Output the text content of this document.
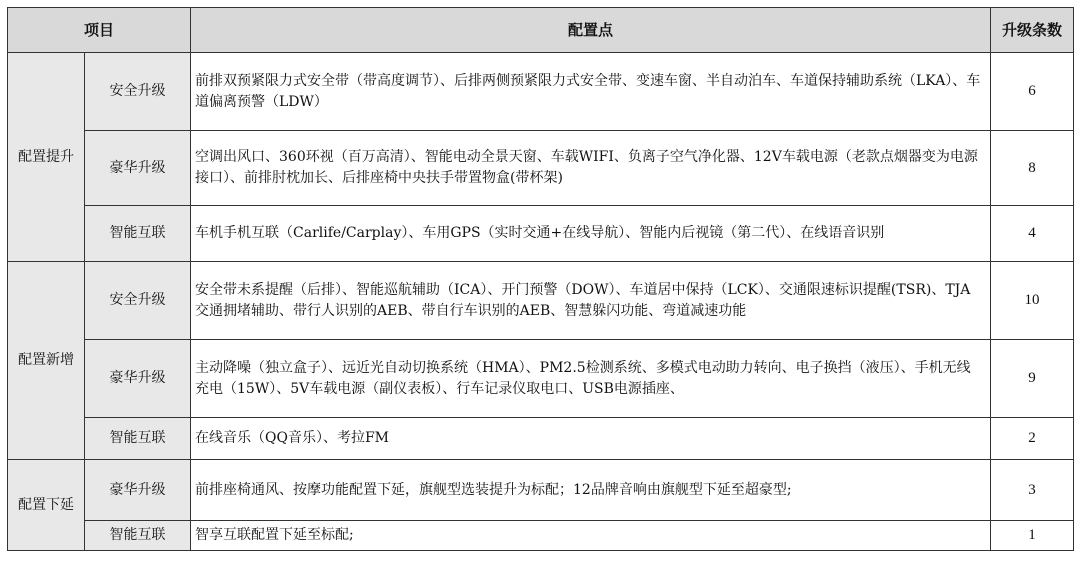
项目		配置点	升级条数
配置提升	安全升级	前排双预紧限力式安全带（带高度调节）、后排两侧预紧限力式安全带、变速车窗、半自动泊车、车道保持辅助系统（LKA）、车道偏离预警（LDW）	6
	豪华升级	空调出风口、360环视（百万高清）、智能电动全景天窗、车载WIFI、负离子空气净化器、12V车载电源（老款点烟器变为电源接口）、前排肘枕加长、后排座椅中央扶手带置物盒(带杯架)	8
	智能互联	车机手机互联（Carlife/Carplay）、车用GPS（实时交通+在线导航）、智能内后视镜（第二代）、在线语音识别	4
配置新增	安全升级	安全带未系提醒（后排）、智能巡航辅助（ICA）、开门预警（DOW）、车道居中保持（LCK）、交通限速标识提醒(TSR)、TJA交通拥堵辅助、带行人识别的AEB、带自行车识别的AEB、智慧躲闪功能、弯道减速功能	10
	豪华升级	主动降噪（独立盒子）、远近光自动切换系统（HMA）、PM2.5检测系统、多模式电动助力转向、电子换挡（液压）、手机无线充电（15W）、5V车载电源（副仪表板）、行车记录仪取电口、USB电源插座、	9
	智能互联	在线音乐（QQ音乐）、考拉FM	2
配置下延	豪华升级	前排座椅通风、按摩功能配置下延，旗舰型选装提升为标配；12品牌音响由旗舰型下延至超豪型;	3
	智能互联	智享互联配置下延至标配;	1
